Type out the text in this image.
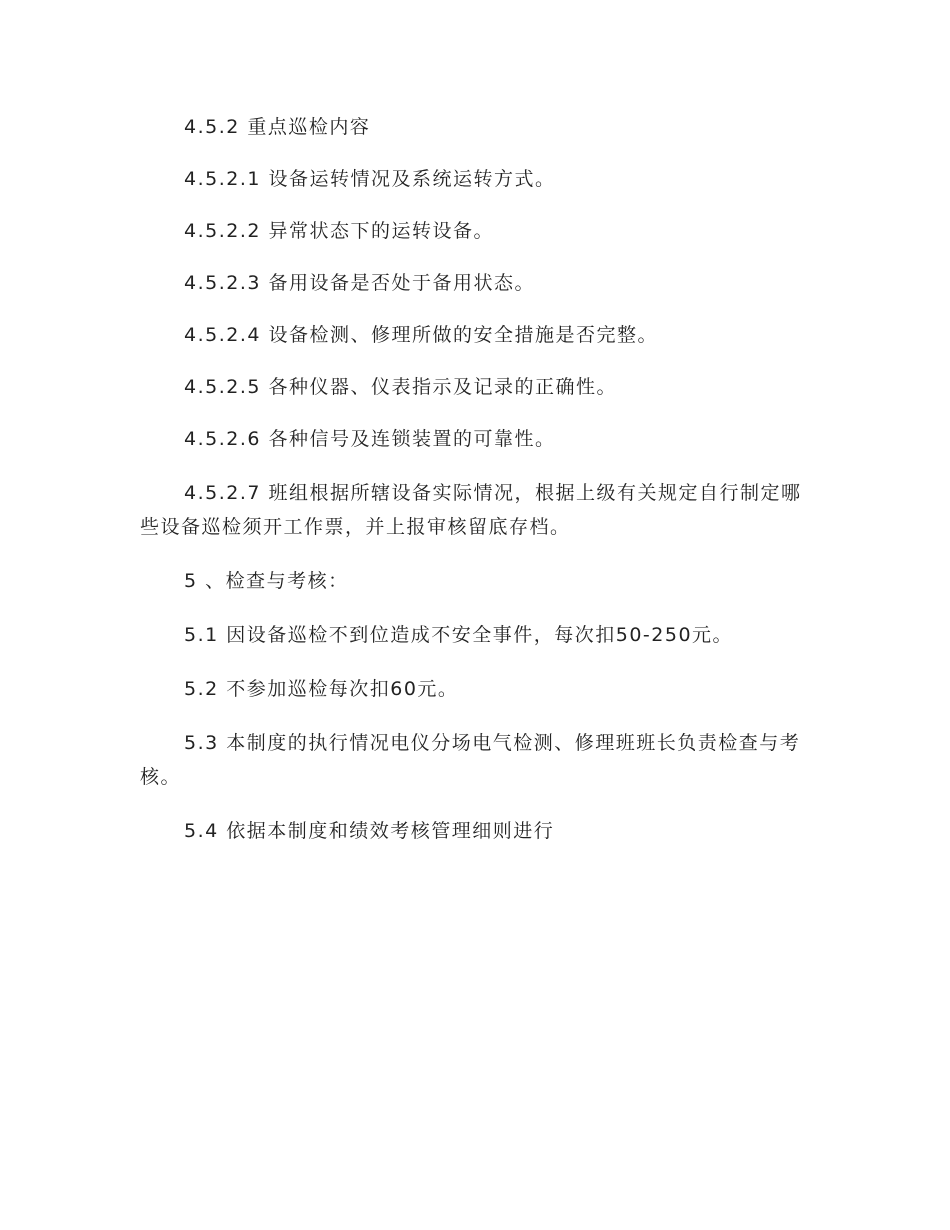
4.5.2 重点巡检内容

4.5.2.1 设备运转情况及系统运转方式。

4.5.2.2 异常状态下的运转设备。

4.5.2.3 备用设备是否处于备用状态。

4.5.2.4 设备检测、修理所做的安全措施是否完整。

4.5.2.5 各种仪器、仪表指示及记录的正确性。

4.5.2.6 各种信号及连锁装置的可靠性。

4.5.2.7 班组根据所辖设备实际情况，根据上级有关规定自行制定哪些设备巡检须开工作票，并上报审核留底存档。

5 、检查与考核：

5.1 因设备巡检不到位造成不安全事件，每次扣50-250元。

5.2 不参加巡检每次扣60元。

5.3 本制度的执行情况电仪分场电气检测、修理班班长负责检查与考核。

5.4 依据本制度和绩效考核管理细则进行
